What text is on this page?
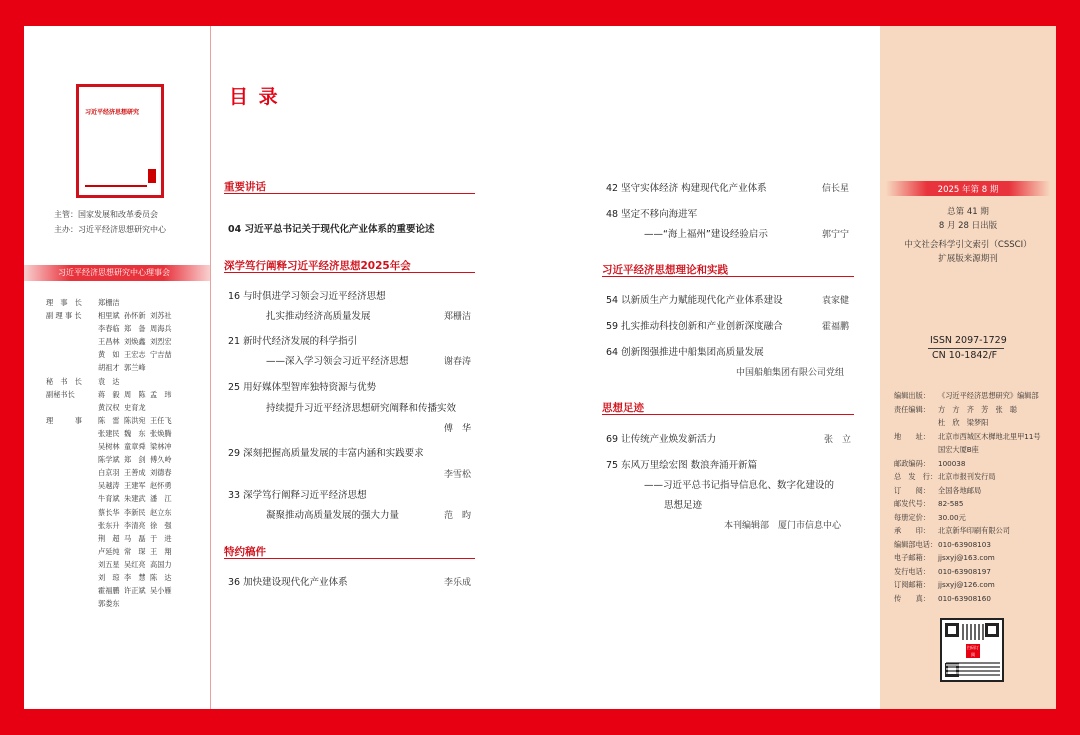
习近平经济思想研究
主管：国家发展和改革委员会
主办：习近平经济思想研究中心
习近平经济思想研究中心理事会
理　事　长	郑栅洁
副 理 事 长	相里斌 孙怀新 刘苏社
李春临 郑　备 周海兵
王昌林 刘焕鑫 刘烈宏
黄　如 王宏志 宁吉喆
胡祖才 郭兰峰
秘　书　长	袁　达
副秘书长	蒋　毅 周　陈 孟　玮
黄汉权 史育龙
理　　　事	陈　雷 陈洪宛 王任飞
张建民 魏　东 张焕腾
吴树林 童章舜 梁林冲
陈学斌 郑　剑 傅久岭
白京羽 王善成 刘德春
吴越涛 王建军 赵怀勇
牛育斌 朱建武 潘　江
蔡长华 李新民 赵立东
张东升 李清亮 徐　强
荆　超 马　磊 于　进
卢延纯 常　琛 王　翔
刘五星 吴红亮 高国力
刘　琼 李　慧 陈　达
霍福鹏 许正斌 吴小雁
郭娄东
目 录
重要讲话
04 习近平总书记关于现代化产业体系的重要论述
深学笃行阐释习近平经济思想2025年会
16 与时俱进学习领会习近平经济思想
扎实推动经济高质量发展	郑栅洁
21 新时代经济发展的科学指引
——深入学习领会习近平经济思想	谢春涛
25 用好媒体型智库独特资源与优势
持续提升习近平经济思想研究阐释和传播实效
傅　华
29 深刻把握高质量发展的丰富内涵和实践要求
李雪松
33 深学笃行阐释习近平经济思想
凝聚推动高质量发展的强大力量	范　昀
特约稿件
36 加快建设现代化产业体系	李乐成
42 坚守实体经济 构建现代化产业体系	信长星
48 坚定不移向海进军
——“海上福州”建设经验启示	郭宁宁
习近平经济思想理论和实践
54 以新质生产力赋能现代化产业体系建设	袁家健
59 扎实推动科技创新和产业创新深度融合	霍福鹏
64 创新图强推进中船集团高质量发展
中国船舶集团有限公司党组
思想足迹
69 让传统产业焕发新活力	张　立
75 东风万里绘宏图 数浪奔涌开新篇
——习近平总书记指导信息化、数字化建设的
思想足迹
本刊编辑部　厦门市信息中心
2025 年第 8 期
总第 41 期
8 月 28 日出版
中文社会科学引文索引（CSSCI）
扩展版来源期刊
ISSN 2097-1729
CN 10-1842/F
编辑出版：	《习近平经济思想研究》编辑部
责任编辑：	方　方　齐　芳　张　聪
杜　欣　梁梦阳
地　　址：	北京市西城区木樨地北里甲11号
国宏大厦B座
邮政编码：	100038
总　发　行： 北京市报刊发行局
订　　阅：	全国各地邮局
邮发代号：	82-585
每册定价：	30.00元
承　　印：	北京新华印刷有限公司
编辑部电话： 010-63908103
电子邮箱：	jjsxyj@163.com
发行电话：	010-63908197
订阅邮箱：	jjsxyj@126.com
传　　真：	010-63908160
扫码订阅
